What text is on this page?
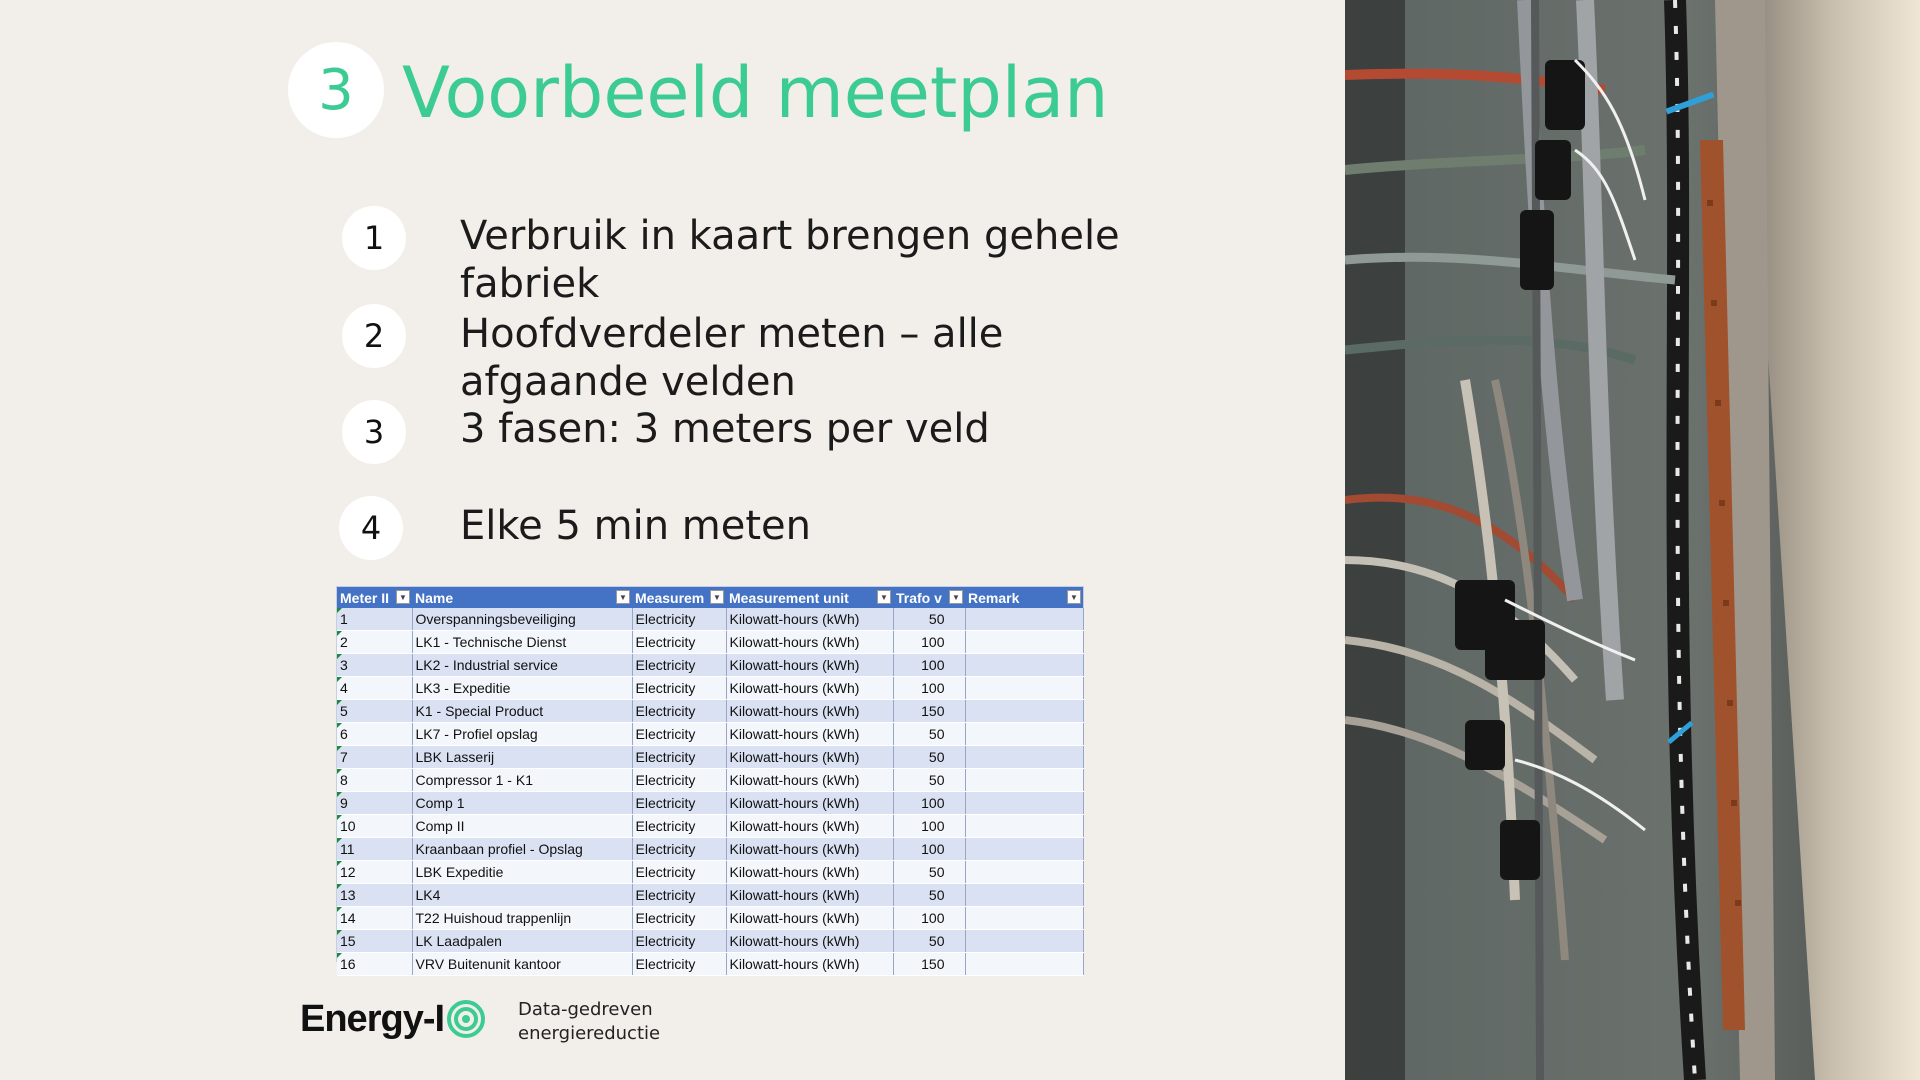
3 Voorbeeld meetplan
1	Verbruik in kaart brengen gehele fabriek
2	Hoofdverdeler meten – alle afgaande velden
3	3 fasen: 3 meters per veld
4	Elke 5 min meten
Meter II ▼	Name ▼	Measurem ▼	Measurement unit ▼	Trafo v ▼	Remark ▼

1	Overspanningsbeveiliging	Electricity	Kilowatt-hours (kWh)	50	
2	LK1 - Technische Dienst	Electricity	Kilowatt-hours (kWh)	100	
3	LK2 - Industrial service	Electricity	Kilowatt-hours (kWh)	100	
4	LK3 - Expeditie	Electricity	Kilowatt-hours (kWh)	100	
5	K1 - Special Product	Electricity	Kilowatt-hours (kWh)	150	
6	LK7 - Profiel opslag	Electricity	Kilowatt-hours (kWh)	50	
7	LBK Lasserij	Electricity	Kilowatt-hours (kWh)	50	
8	Compressor 1 - K1	Electricity	Kilowatt-hours (kWh)	50	
9	Comp 1	Electricity	Kilowatt-hours (kWh)	100	
10	Comp II	Electricity	Kilowatt-hours (kWh)	100	
11	Kraanbaan profiel - Opslag	Electricity	Kilowatt-hours (kWh)	100	
12	LBK Expeditie	Electricity	Kilowatt-hours (kWh)	50	
13	LK4	Electricity	Kilowatt-hours (kWh)	50	
14	T22 Huishoud trappenlijn	Electricity	Kilowatt-hours (kWh)	100	
15	LK Laadpalen	Electricity	Kilowatt-hours (kWh)	50	
16	VRV Buitenunit kantoor	Electricity	Kilowatt-hours (kWh)	150	
Energy-I	Data-gedreven
energiereductie
